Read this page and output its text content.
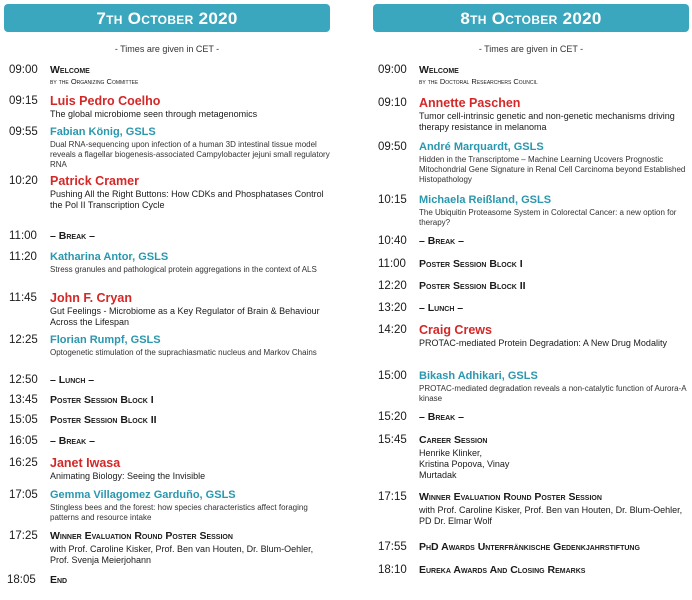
7th October 2020
- Times are given in CET -
09:00 Welcome
by the Organizing Committee
09:15 Luis Pedro Coelho
The global microbiome seen through metagenomics
09:55 Fabian König, GSLS
Dual RNA-sequencing upon infection of a human 3D intestinal tissue model reveals a flagellar biogenesis-associated Campylobacter jejuni small regulatory RNA
10:20 Patrick Cramer
Pushing All the Right Buttons: How CDKs and Phosphatases Control the Pol II Transcription Cycle
11:00 – Break –
11:20 Katharina Antor, GSLS
Stress granules and pathological protein aggregations in the context of ALS
11:45 John F. Cryan
Gut Feelings - Microbiome as a Key Regulator of Brain & Behaviour Across the Lifespan
12:25 Florian Rumpf, GSLS
Optogenetic stimulation of the suprachiasmatic nucleus and Markov Chains
12:50 – Lunch –
13:45 Poster Session Block I
15:05 Poster Session Block II
16:05 – Break –
16:25 Janet Iwasa
Animating Biology: Seeing the Invisible
17:05 Gemma Villagomez Garduño, GSLS
Stingless bees and the forest: how species characteristics affect foraging patterns and resource intake
17:25 Winner Evaluation Round Poster Session
with Prof. Caroline Kisker, Prof. Ben van Houten, Dr. Blum-Oehler, Prof. Svenja Meierjohann
18:05 End
8th October 2020
- Times are given in CET -
09:00 Welcome
by the Doctoral Researchers Council
09:10 Annette Paschen
Tumor cell-intrinsic genetic and non-genetic mechanisms driving therapy resistance in melanoma
09:50 André Marquardt, GSLS
Hidden in the Transcriptome – Machine Learning Ucovers Prognostic Mitochondrial Gene Signature in Renal Cell Carcinoma beyond Established Histopathology
10:15 Michaela Reißland, GSLS
The Ubiquitin Proteasome System in Colorectal Cancer: a new option for therapy?
10:40 – Break –
11:00 Poster Session Block I
12:20 Poster Session Block II
13:20 – Lunch –
14:20 Craig Crews
PROTAC-mediated Protein Degradation: A New Drug Modality
15:00 Bikash Adhikari, GSLS
PROTAC-mediated degradation reveals a non-catalytic function of Aurora-A kinase
15:20 – Break –
15:45 Career Session
Henrike Klinker, Kristina Popova, Vinay Murtadak
17:15 Winner Evaluation Round Poster Session
with Prof. Caroline Kisker, Prof. Ben van Houten, Dr. Blum-Oehler, PD Dr. Elmar Wolf
17:55 PhD Awards Unterfränkische Gedenkjahrstiftung
18:10 Eureka Awards And Closing Remarks
